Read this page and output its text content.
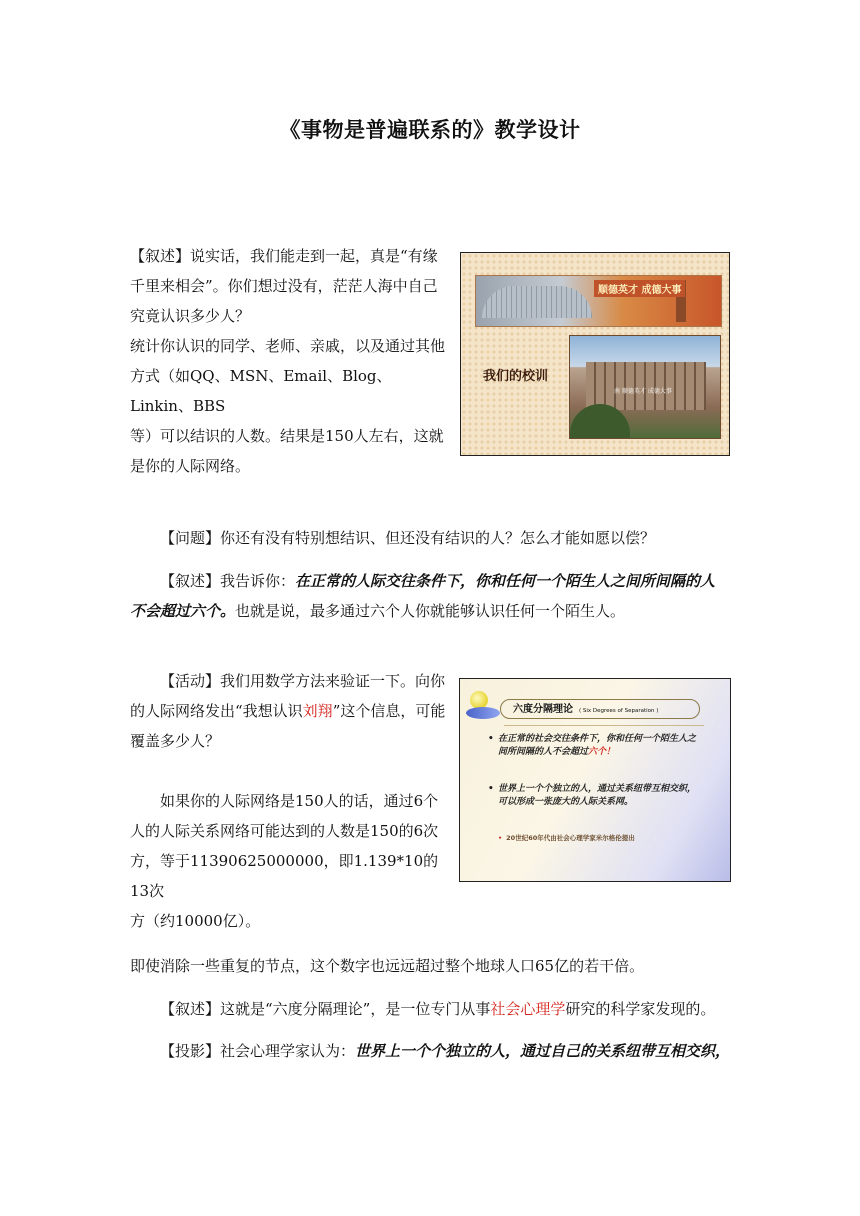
《事物是普遍联系的》教学设计
【叙述】说实话，我们能走到一起，真是“有缘
千里来相会”。你们想过没有，茫茫人海中自己
究竟认识多少人？
统计你认识的同学、老师、亲戚，以及通过其他
方式（如QQ、MSN、Email、Blog、Linkin、BBS
等）可以结识的人数。结果是150人左右，这就
是你的人际网络。
顺德英才 成德大事
我们的校训
南 顺德英才 成德大事
【问题】你还有没有特别想结识、但还没有结识的人？怎么才能如愿以偿？
【叙述】我告诉你：在正常的人际交往条件下，你和任何一个陌生人之间所间隔的人
不会超过六个。也就是说，最多通过六个人你就能够认识任何一个陌生人。
【活动】我们用数学方法来验证一下。向你
的人际网络发出“我想认识刘翔”这个信息，可能
覆盖多少人？
如果你的人际网络是150人的话，通过6个
人的人际关系网络可能达到的人数是150的6次
方，等于11390625000000，即1.139*10的13次
方（约10000亿）。
六度分隔理论 ( Six Degrees of Separation )
• 在正常的社会交往条件下，你和任何一个陌生人之间所间隔的人不会超过六个！
• 世界上一个个独立的人，通过关系纽带互相交织，可以形成一张庞大的人际关系网。
• 20世纪60年代由社会心理学家米尔格伦提出
即使消除一些重复的节点，这个数字也远远超过整个地球人口65亿的若干倍。
【叙述】这就是“六度分隔理论”，是一位专门从事社会心理学研究的科学家发现的。
【投影】社会心理学家认为：世界上一个个独立的人，通过自己的关系纽带互相交织，
